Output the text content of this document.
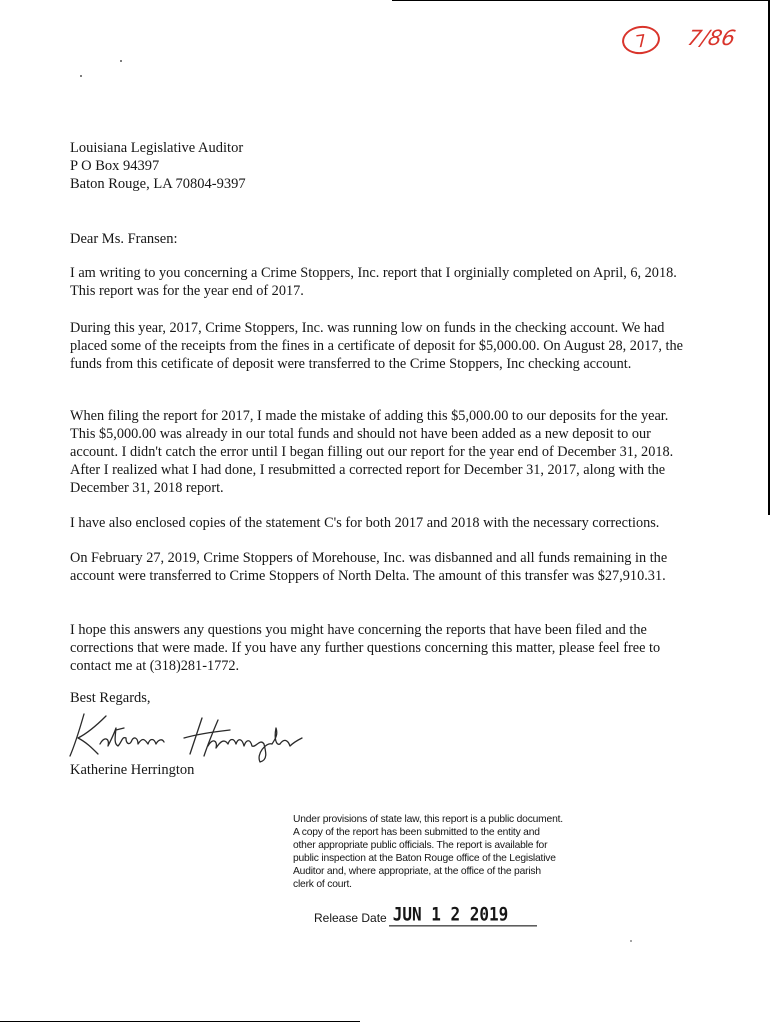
7	7/86
Louisiana Legislative Auditor
P O Box 94397
Baton Rouge, LA 70804-9397
Dear Ms. Fransen:

I am writing to you concerning a Crime Stoppers, Inc. report that I orginially completed on April, 6, 2018. This report was for the year end of 2017.

During this year, 2017, Crime Stoppers, Inc. was running low on funds in the checking account. We had placed some of the receipts from the fines in a certificate of deposit for $5,000.00. On August 28, 2017, the funds from this cetificate of deposit were transferred to the Crime Stoppers, Inc checking account.

When filing the report for 2017, I made the mistake of adding this $5,000.00 to our deposits for the year. This $5,000.00 was already in our total funds and should not have been added as a new deposit to our account. I didn't catch the error until I began filling out our report for the year end of December 31, 2018. After I realized what I had done, I resubmitted a corrected report for December 31, 2017, along with the December 31, 2018 report.

I have also enclosed copies of the statement C's for both 2017 and 2018 with the necessary corrections.

On February 27, 2019, Crime Stoppers of Morehouse, Inc. was disbanned and all funds remaining in the account were transferred to Crime Stoppers of North Delta. The amount of this transfer was $27,910.31.

I hope this answers any questions you might have concerning the reports that have been filed and the corrections that were made. If you have any further questions concerning this matter, please feel free to contact me at (318)281-1772.

Best Regards,
Katherine Herrington
Under provisions of state law, this report is a public document. A copy of the report has been submitted to the entity and other appropriate public officials. The report is available for public inspection at the Baton Rouge office of the Legislative Auditor and, where appropriate, at the office of the parish clerk of court.
Release Date JUN 1 2 2019
